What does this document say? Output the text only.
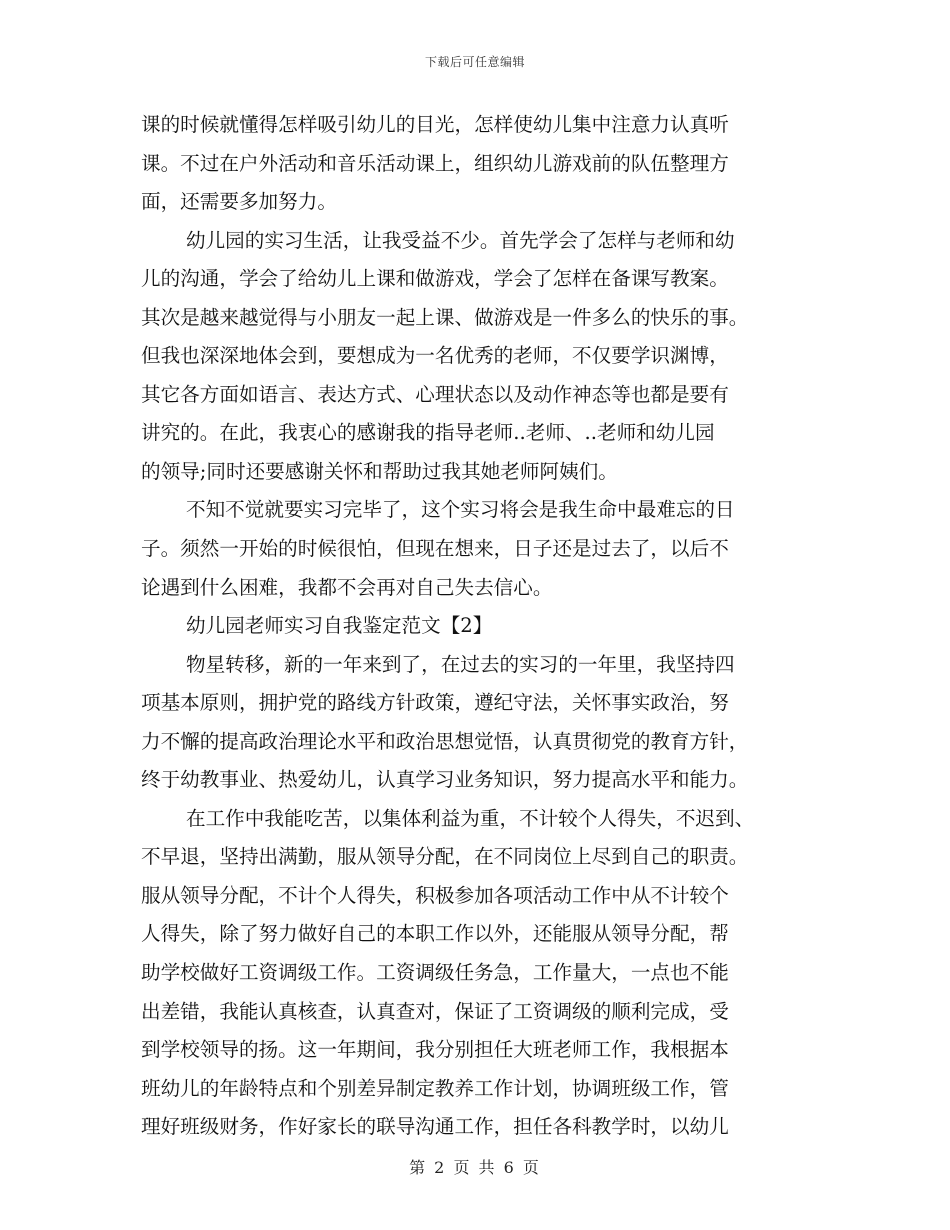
下载后可任意编辑
课的时候就懂得怎样吸引幼儿的目光，怎样使幼儿集中注意力认真听
课。不过在户外活动和音乐活动课上，组织幼儿游戏前的队伍整理方
面，还需要多加努力。
幼儿园的实习生活，让我受益不少。首先学会了怎样与老师和幼
儿的沟通，学会了给幼儿上课和做游戏，学会了怎样在备课写教案。
其次是越来越觉得与小朋友一起上课、做游戏是一件多么的快乐的事。
但我也深深地体会到，要想成为一名优秀的老师，不仅要学识渊博，
其它各方面如语言、表达方式、心理状态以及动作神态等也都是要有
讲究的。在此，我衷心的感谢我的指导老师..老师、..老师和幼儿园
的领导;同时还要感谢关怀和帮助过我其她老师阿姨们。
不知不觉就要实习完毕了，这个实习将会是我生命中最难忘的日
子。须然一开始的时候很怕，但现在想来，日子还是过去了，以后不
论遇到什么困难，我都不会再对自己失去信心。
幼儿园老师实习自我鉴定范文【2】
物星转移，新的一年来到了，在过去的实习的一年里，我坚持四
项基本原则，拥护党的路线方针政策，遵纪守法，关怀事实政治，努
力不懈的提高政治理论水平和政治思想觉悟，认真贯彻党的教育方针，
终于幼教事业、热爱幼儿，认真学习业务知识，努力提高水平和能力。
在工作中我能吃苦，以集体利益为重，不计较个人得失，不迟到、
不早退，坚持出满勤，服从领导分配，在不同岗位上尽到自己的职责。
服从领导分配，不计个人得失，积极参加各项活动工作中从不计较个
人得失，除了努力做好自己的本职工作以外，还能服从领导分配，帮
助学校做好工资调级工作。工资调级任务急，工作量大，一点也不能
出差错，我能认真核查，认真查对，保证了工资调级的顺利完成，受
到学校领导的扬。这一年期间，我分别担任大班老师工作，我根据本
班幼儿的年龄特点和个别差异制定教养工作计划，协调班级工作，管
理好班级财务，作好家长的联导沟通工作，担任各科教学时，以幼儿
第 2 页 共 6 页
